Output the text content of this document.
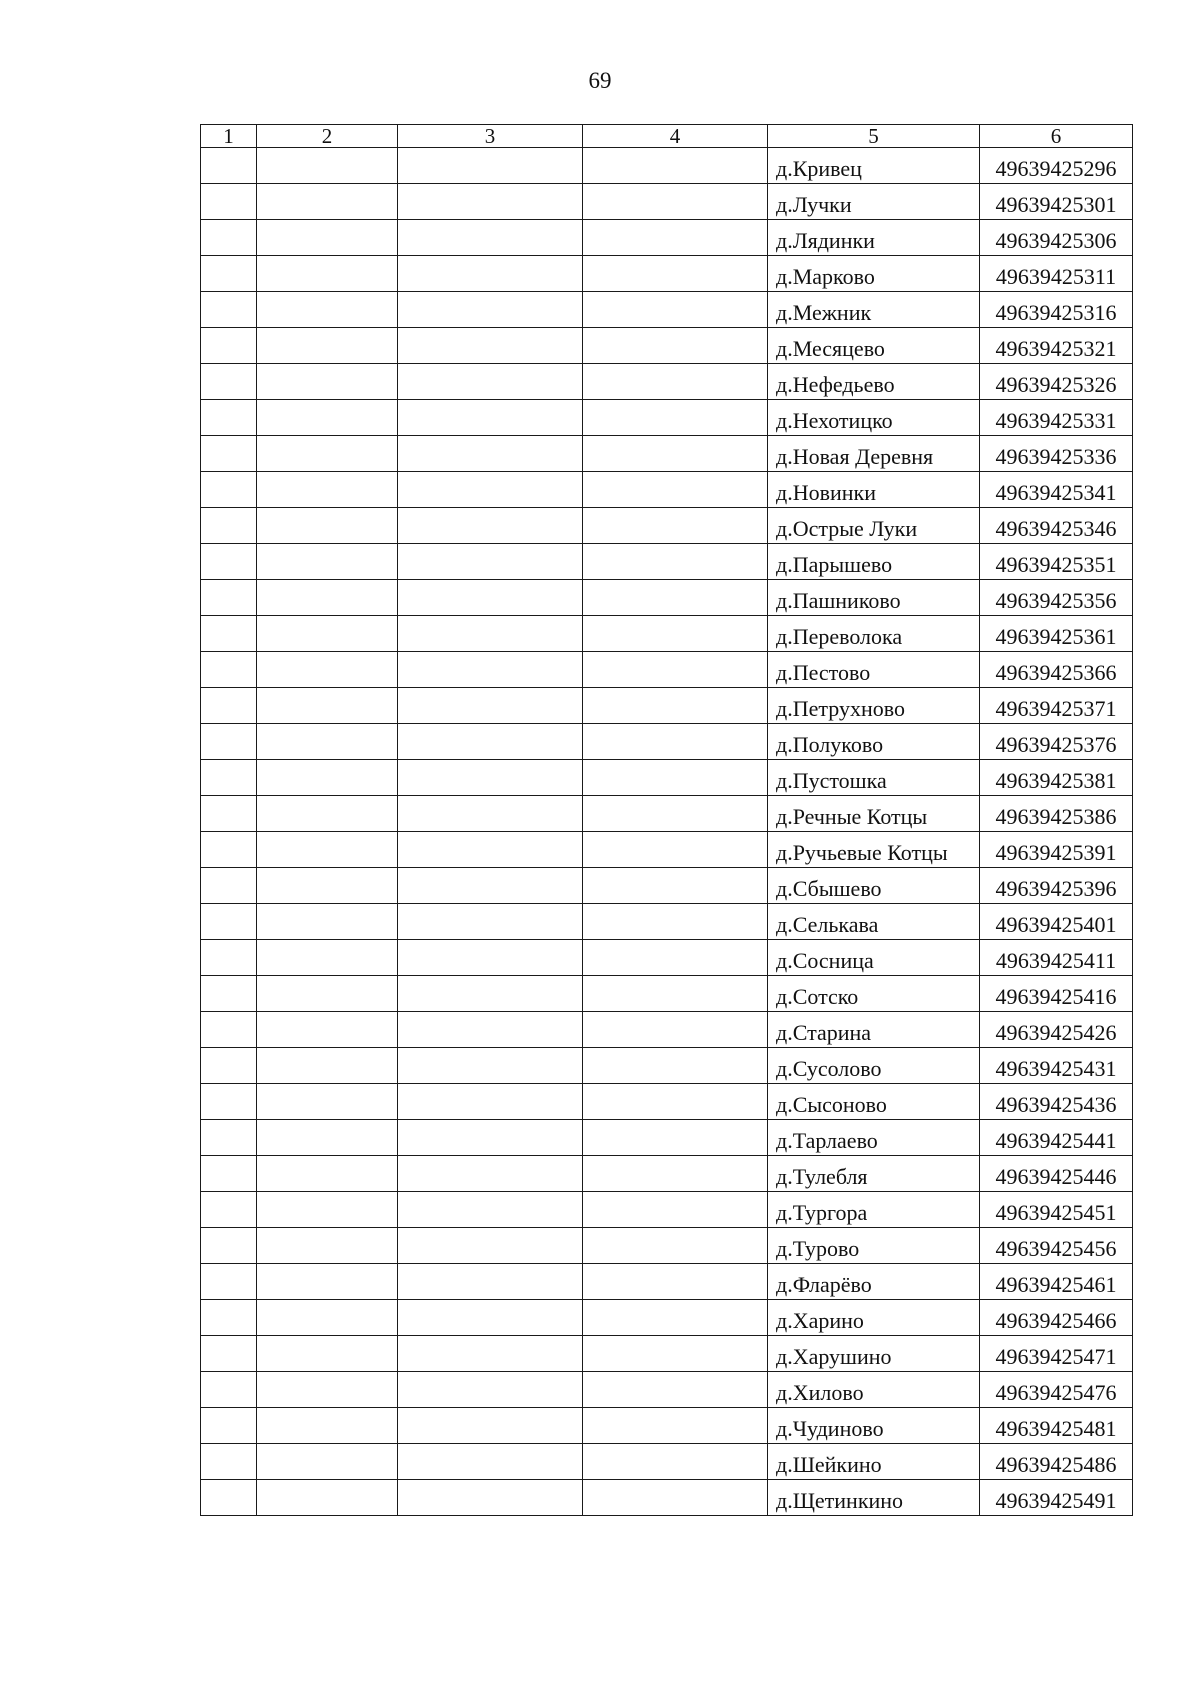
69
1	2	3	4	5	6
				д.Кривец	49639425296
				д.Лучки	49639425301
				д.Лядинки	49639425306
				д.Марково	49639425311
				д.Межник	49639425316
				д.Месяцево	49639425321
				д.Нефедьево	49639425326
				д.Нехотицко	49639425331
				д.Новая Деревня	49639425336
				д.Новинки	49639425341
				д.Острые Луки	49639425346
				д.Парышево	49639425351
				д.Пашниково	49639425356
				д.Переволока	49639425361
				д.Пестово	49639425366
				д.Петрухново	49639425371
				д.Полуково	49639425376
				д.Пустошка	49639425381
				д.Речные Котцы	49639425386
				д.Ручьевые Котцы	49639425391
				д.Сбышево	49639425396
				д.Селькава	49639425401
				д.Сосница	49639425411
				д.Сотско	49639425416
				д.Старина	49639425426
				д.Сусолово	49639425431
				д.Сысоново	49639425436
				д.Тарлаево	49639425441
				д.Тулебля	49639425446
				д.Тургора	49639425451
				д.Турово	49639425456
				д.Фларёво	49639425461
				д.Харино	49639425466
				д.Харушино	49639425471
				д.Хилово	49639425476
				д.Чудиново	49639425481
				д.Шейкино	49639425486
				д.Щетинкино	49639425491
